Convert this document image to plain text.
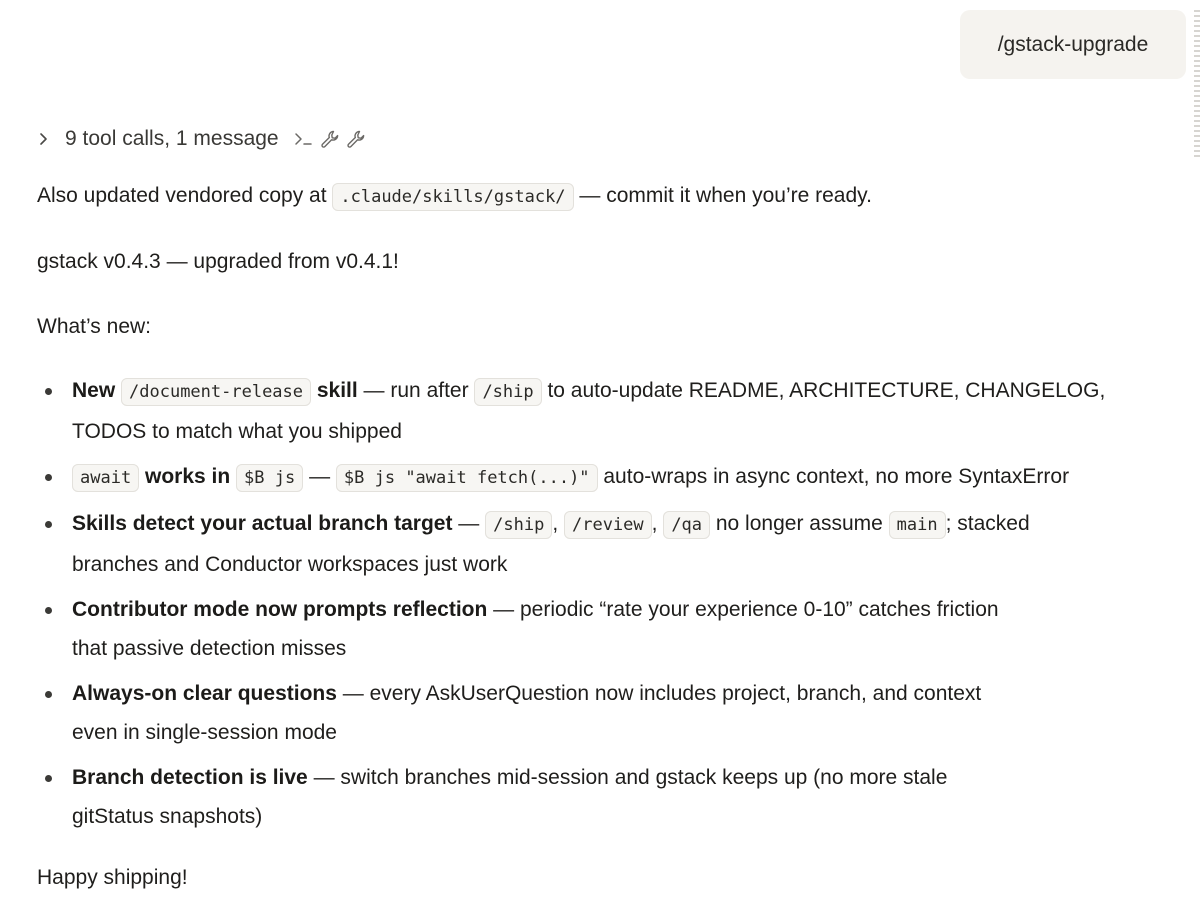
/gstack-upgrade
9 tool calls, 1 message

Also updated vendored copy at .claude/skills/gstack/ — commit it when you’re ready.

gstack v0.4.3 — upgraded from v0.4.1!

What’s new:

New /document-release skill — run after /ship to auto-update README, ARCHITECTURE, CHANGELOG,
TODOS to match what you shipped
await works in $B js — $B js "await fetch(...)" auto-wraps in async context, no more SyntaxError
Skills detect your actual branch target — /ship , /review , /qa no longer assume main ; stacked
branches and Conductor workspaces just work
Contributor mode now prompts reflection — periodic “rate your experience 0-10” catches friction
that passive detection misses
Always-on clear questions — every AskUserQuestion now includes project, branch, and context
even in single-session mode
Branch detection is live — switch branches mid-session and gstack keeps up (no more stale
gitStatus snapshots)

Happy shipping!
